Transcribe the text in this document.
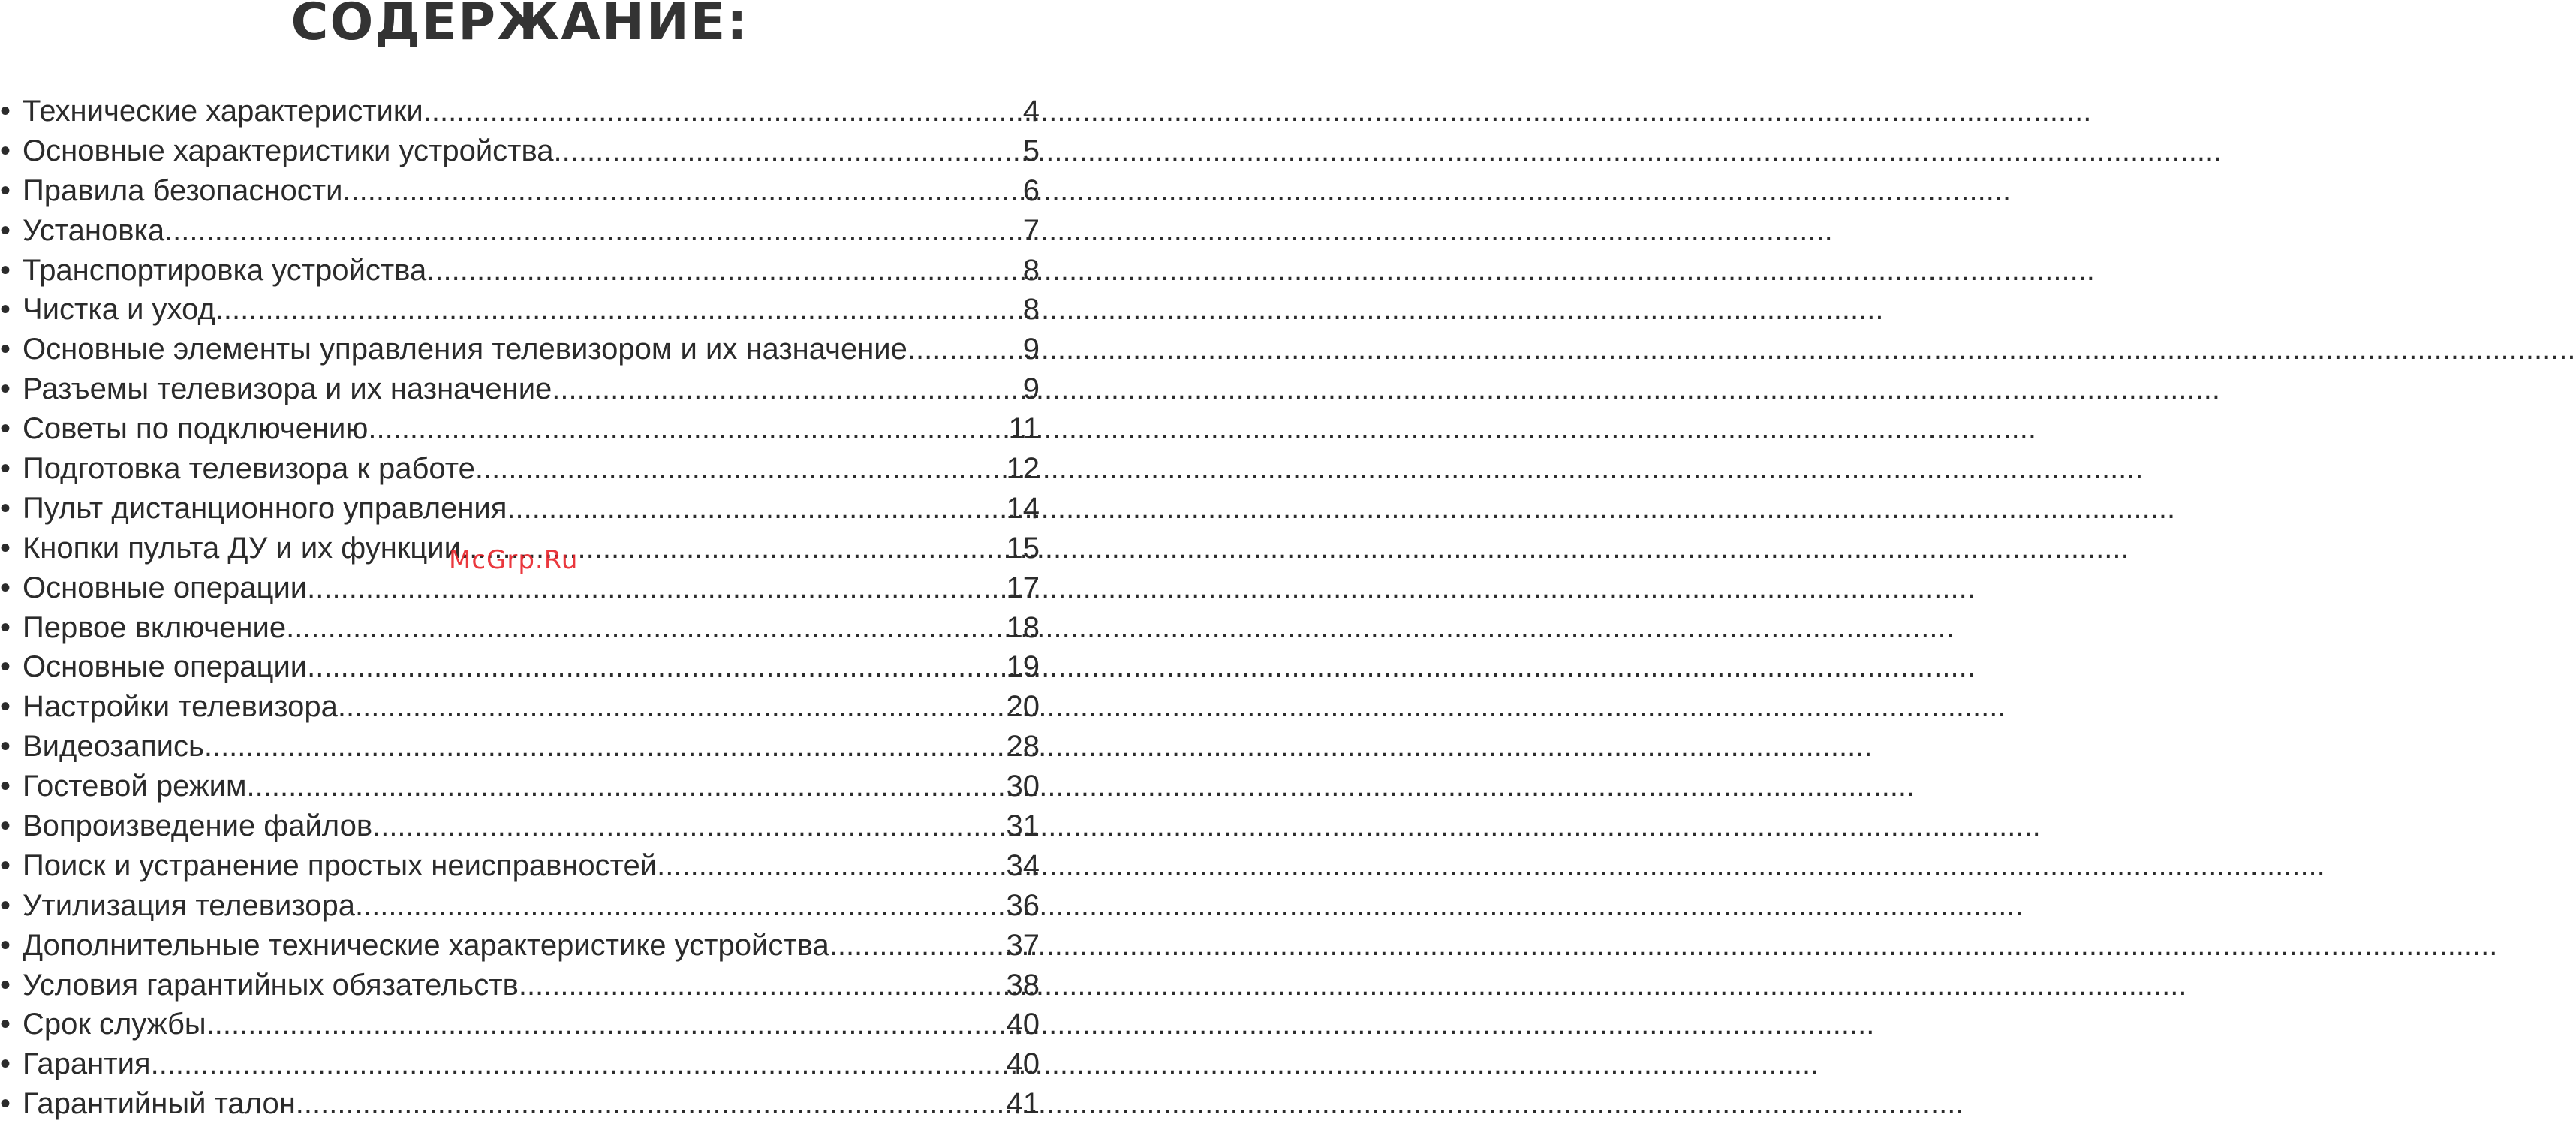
СОДЕРЖАНИЕ:
• Технические характеристики .....	4
• Основные характеристики устройства .....	5
• Правила безопасности .....	6
• Установка .....	7
• Транспортировка устройства .....	8
• Чистка и уход .....	8
• Основные элементы управления телевизором и их назначение .....	9
• Разъемы телевизора и их назначение .....	9
• Советы по подключению .....	11
• Подготовка телевизора к работе .....	12
• Пульт дистанционного управления .....	14
• Кнопки пульта ДУ и их функции .....	15
• Основные операции .....	17
• Первое включение .....	18
• Основные операции .....	19
• Настройки телевизора .....	20
• Видеозапись .....	28
• Гостевой режим .....	30
• Вопроизведение файлов .....	31
• Поиск и устранение простых неисправностей .....	34
• Утилизация телевизора .....	36
• Дополнительные технические характеристике устройства .....	37
• Условия гарантийных обязательств .....	38
• Срок службы .....	40
• Гарантия .....	40
• Гарантийный талон .....	41
McGrp.Ru
